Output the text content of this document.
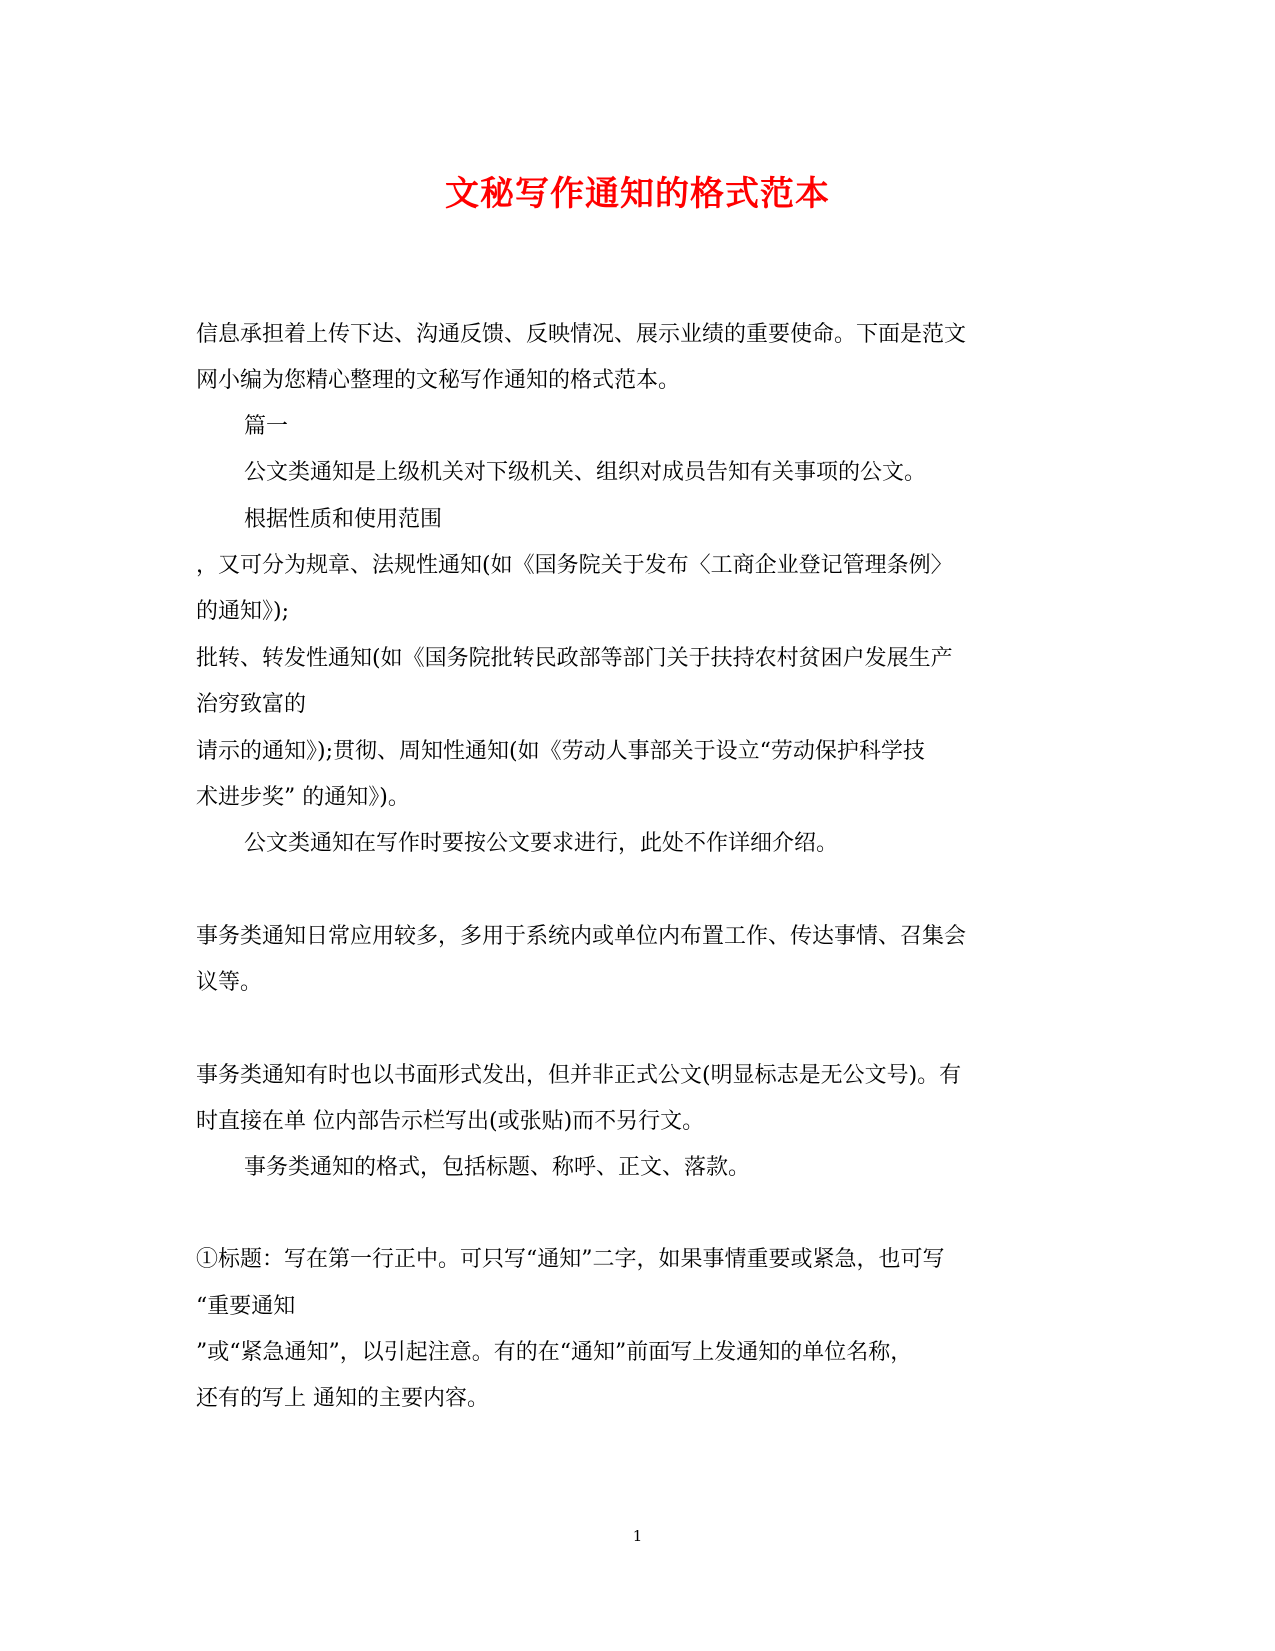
文秘写作通知的格式范本
信息承担着上传下达、沟通反馈、反映情况、展示业绩的重要使命。下面是范文
网小编为您精心整理的文秘写作通知的格式范本。
篇一
公文类通知是上级机关对下级机关、组织对成员告知有关事项的公文。
根据性质和使用范围
，又可分为规章、法规性通知(如《国务院关于发布〈工商企业登记管理条例〉
的通知》);
批转、转发性通知(如《国务院批转民政部等部门关于扶持农村贫困户发展生产
治穷致富的
请示的通知》);贯彻、周知性通知(如《劳动人事部关于设立“劳动保护科学技
术进步奖” 的通知》)。
公文类通知在写作时要按公文要求进行，此处不作详细介绍。
事务类通知日常应用较多，多用于系统内或单位内布置工作、传达事情、召集会
议等。
事务类通知有时也以书面形式发出，但并非正式公文(明显标志是无公文号)。有
时直接在单 位内部告示栏写出(或张贴)而不另行文。
事务类通知的格式，包括标题、称呼、正文、落款。
①标题：写在第一行正中。可只写“通知”二字，如果事情重要或紧急，也可写
“重要通知
”或“紧急通知”，以引起注意。有的在“通知”前面写上发通知的单位名称，
还有的写上 通知的主要内容。
1
